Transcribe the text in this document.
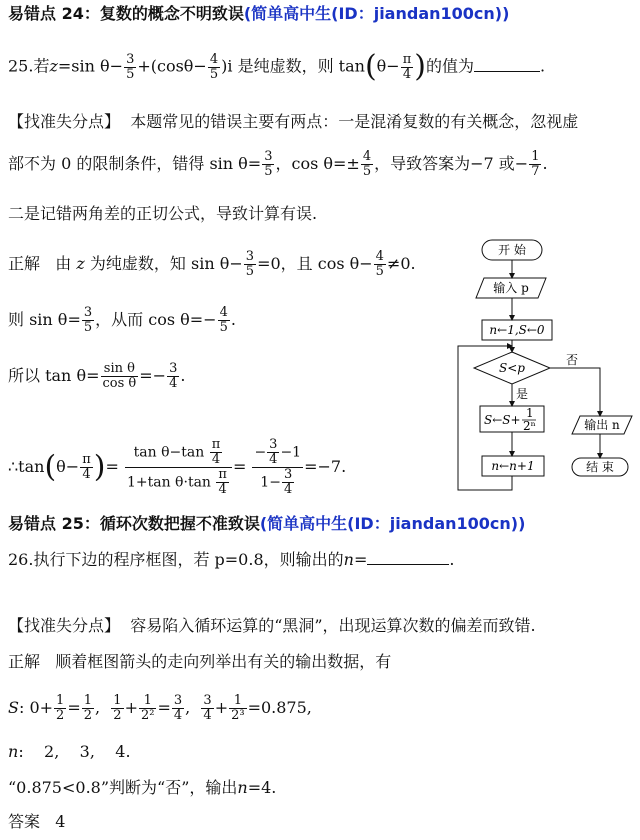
易错点 24：复数的概念不明致误(简单高中生(ID：jiandan100cn))
25.若z=sin $\theta- \frac{3}{5} +(\cos\theta- \frac{4}{5} )i$ 是纯虚数，则 $\tan(\theta- \frac{\pi}{4}$ )的值为	.
【找准失分点】 本题常见的错误主要有两点：一是混淆复数的有关概念，忽视虚
部不为 0 的限制条件，错得 $\sin \theta= \frac{3}{5}$ ，$\cos \theta=\pm \frac{4}{5}$ ，导致答案为−7 或− $\frac{1}{7}$ .
二是记错两角差的正切公式，导致计算有误.
正解 由 z 为纯虚数，知 $\sin \theta- \frac{3}{5} =0$，且 $\cos \theta- \frac{4}{5} \ne 0$.
则 $\sin \theta= \frac{3}{5}$ ，从而 $\cos \theta=- \frac{4}{5}$ .
所以 $\tan \theta= \frac{\text{sin θ}}{\text{cos θ}} =- \frac{3}{4}$ .
∴tan(θ− $\frac{\pi}{4}$ )= $\frac{\tan \theta-\tan \frac{\pi}{4}}{1+\tan \theta\cdot\tan \frac{\pi}{4}} = \frac{- \frac{3}{4} -1}{1- \frac{3}{4}} =-7$.
开 始
输入 p
n←1,S←0
S<p
否
是
S←S+ 1
2ⁿ
n←n+1
输出 n
结 束
易错点 25：循环次数把握不准致误(简单高中生(ID：jiandan100cn))
26.执行下边的程序框图，若 p=0.8，则输出的n=	.
【找准失分点】 容易陷入循环运算的“黑洞”，出现运算次数的偏差而致错.
正解 顺着框图箭头的走向列举出有关的输出数据，有
S: $0+ \frac{1}{2} = \frac{1}{2}$ , $\frac{1}{2} + \frac{1}{\text{2²}} = \frac{3}{4}$ , $\frac{3}{4} + \frac{1}{\text{2³}} =0.875$,
n:    2,    3,    4.
“0.875<0.8”判断为“否”，输出n=4.
答案 4
